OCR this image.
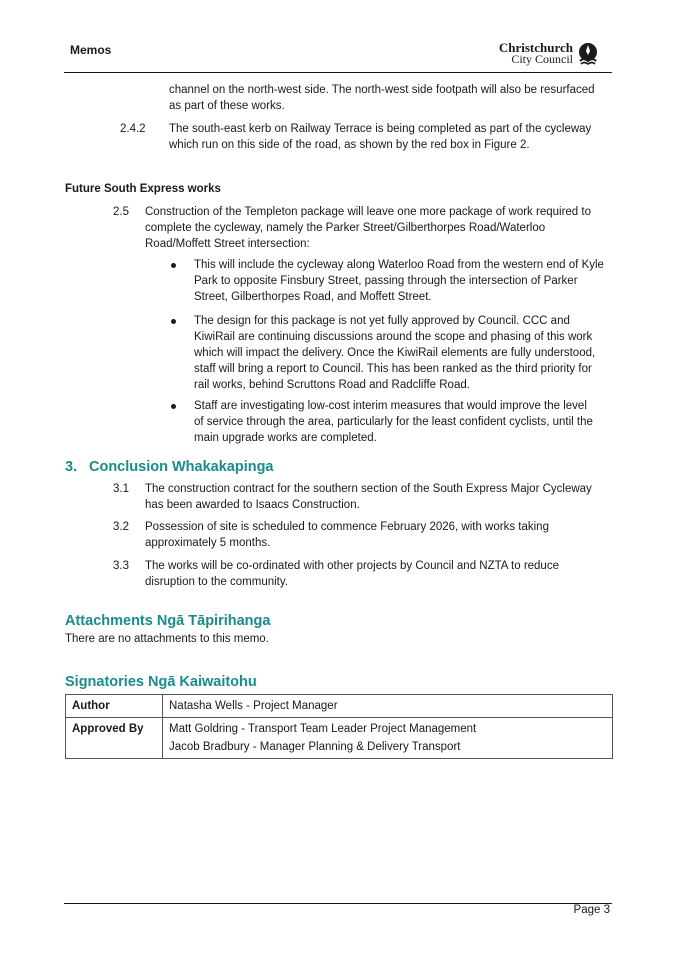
Memos	Christchurch
City Council
channel on the north-west side. The north-west side footpath will also be resurfaced
as part of these works.
2.4.2 The south-east kerb on Railway Terrace is being completed as part of the cycleway
which run on this side of the road, as shown by the red box in Figure 2.
Future South Express works
2.5 Construction of the Templeton package will leave one more package of work required to
complete the cycleway, namely the Parker Street/Gilberthorpes Road/Waterloo
Road/Moffett Street intersection:
This will include the cycleway along Waterloo Road from the western end of Kyle
Park to opposite Finsbury Street, passing through the intersection of Parker
Street, Gilberthorpes Road, and Moffett Street.
The design for this package is not yet fully approved by Council. CCC and
KiwiRail are continuing discussions around the scope and phasing of this work
which will impact the delivery. Once the KiwiRail elements are fully understood,
staff will bring a report to Council. This has been ranked as the third priority for
rail works, behind Scruttons Road and Radcliffe Road.
Staff are investigating low-cost interim measures that would improve the level
of service through the area, particularly for the least confident cyclists, until the
main upgrade works are completed.
3. Conclusion Whakakapinga
3.1 The construction contract for the southern section of the South Express Major Cycleway
has been awarded to Isaacs Construction.
3.2 Possession of site is scheduled to commence February 2026, with works taking
approximately 5 months.
3.3 The works will be co-ordinated with other projects by Council and NZTA to reduce
disruption to the community.
Attachments Ngā Tāpirihanga
There are no attachments to this memo.
Signatories Ngā Kaiwaitohu
Author	Natasha Wells - Project Manager

Approved By	Matt Goldring - Transport Team Leader Project Management
Jacob Bradbury - Manager Planning & Delivery Transport
Page 3
